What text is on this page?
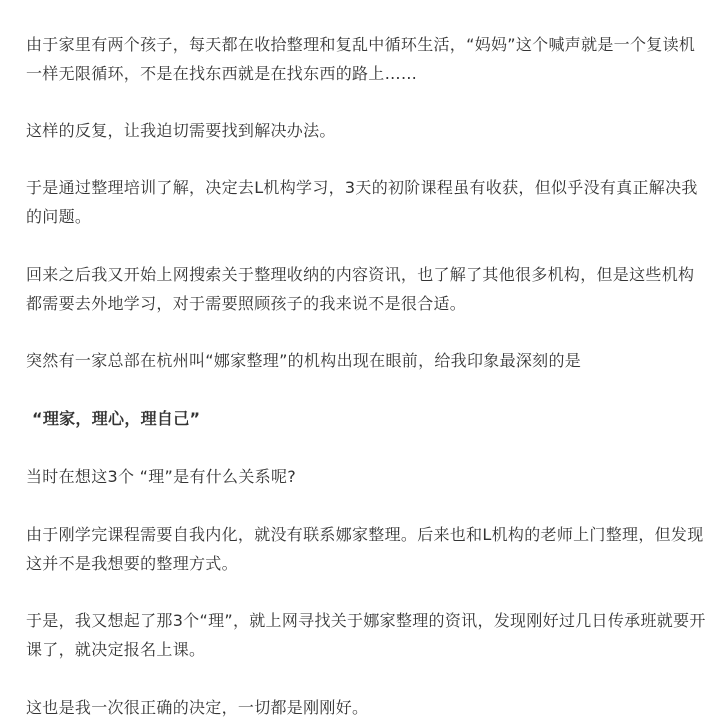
由于家里有两个孩子，每天都在收拾整理和复乱中循环生活，“妈妈”这个喊声就是一个复读机一样无限循环，不是在找东西就是在找东西的路上……

这样的反复，让我迫切需要找到解决办法。

于是通过整理培训了解，决定去L机构学习，3天的初阶课程虽有收获，但似乎没有真正解决我的问题。

回来之后我又开始上网搜索关于整理收纳的内容资讯，也了解了其他很多机构，但是这些机构都需要去外地学习，对于需要照顾孩子的我来说不是很合适。

突然有一家总部在杭州叫“娜家整理”的机构出现在眼前，给我印象最深刻的是

“理家，理心，理自己”

当时在想这3个 “理”是有什么关系呢?

由于刚学完课程需要自我内化，就没有联系娜家整理。后来也和L机构的老师上门整理，但发现这并不是我想要的整理方式。

于是，我又想起了那3个“理”，就上网寻找关于娜家整理的资讯，发现刚好过几日传承班就要开课了，就决定报名上课。

这也是我一次很正确的决定，一切都是刚刚好。
